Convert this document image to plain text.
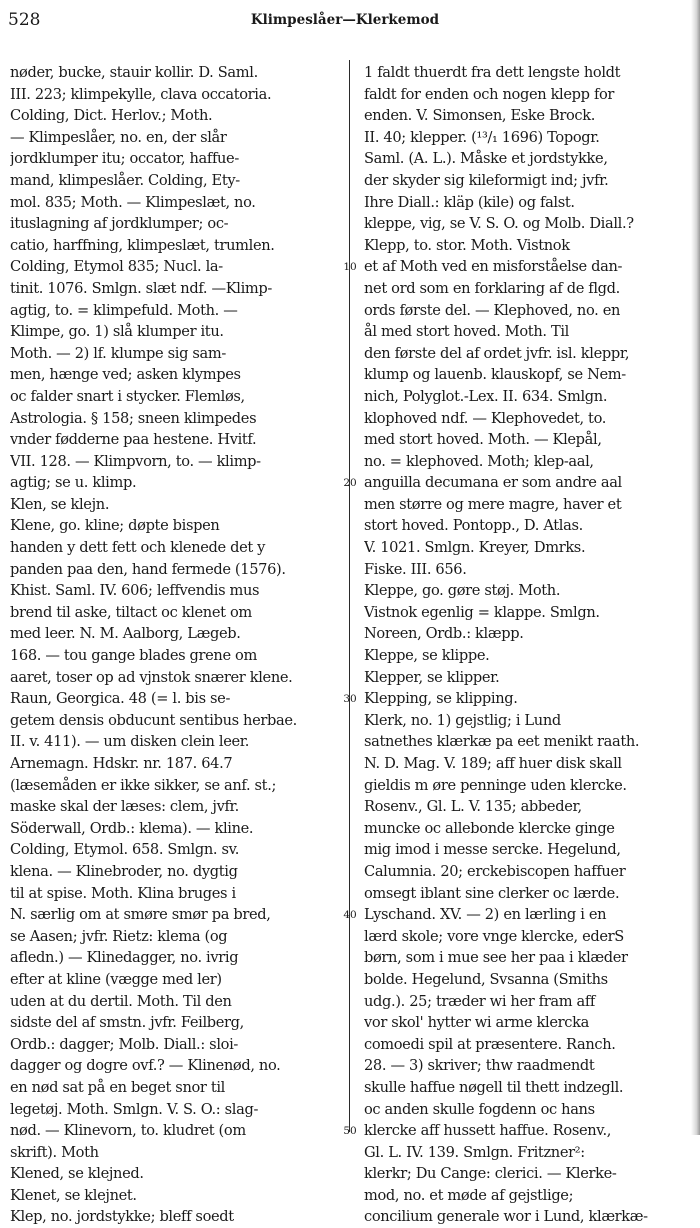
528	Klimpeslåer—Klerkemod
nøder, bucke, stauir kollir. D. Saml.
III. 223; klimpekylle, clava occatoria.
Colding, Dict. Herlov.; Moth.
— Klimpeslåer, no. en, der slår
jordklumper itu; occator, haffue-
mand, klimpeslåer. Colding, Ety-
mol. 835; Moth. — Klimpeslæt, no.
ituslagning af jordklumper; oc-
catio, harffning, klimpeslæt, trumlen.
Colding, Etymol 835; Nucl. la-
tinit. 1076. Smlgn. slæt ndf. —Klimp-
agtig, to. = klimpefuld. Moth. —
Klimpe, go. 1) slå klumper itu.
Moth. — 2) lf. klumpe sig sam-
men, hænge ved; asken klympes
oc falder snart i stycker. Flemløs,
Astrologia. § 158; sneen klimpedes
vnder fødderne paa hestene. Hvitf.
VII. 128. — Klimpvorn, to. — klimp-
agtig; se u. klimp.
Klen, se klejn.
Klene, go. kline; døpte bispen
handen y dett fett och klenede det y
panden paa den, hand fermede (1576).
Khist. Saml. IV. 606; leffvendis mus
brend til aske, tiltact oc klenet om
med leer. N. M. Aalborg, Lægeb.
168. — tou gange blades grene om
aaret, toser op ad vjnstok snærer klene.
Raun, Georgica. 48 (= l. bis se-
getem densis obducunt sentibus herbae.
II. v. 411). — um disken clein leer.
Arnemagn. Hdskr. nr. 187. 64.7
(læsemåden er ikke sikker, se anf. st.;
maske skal der læses: clem, jvfr.
Söderwall, Ordb.: klema). — kline.
Colding, Etymol. 658. Smlgn. sv.
klena. — Klinebroder, no. dygtig
til at spise. Moth. Klina bruges i
N. særlig om at smøre smør pa bred,
se Aasen; jvfr. Rietz: klema (og
afledn.) — Klinedagger, no. ivrig
efter at kline (vægge med ler)
uden at du dertil. Moth. Til den
sidste del af smstn. jvfr. Feilberg,
Ordb.: dagger; Molb. Diall.: sloi-
dagger og dogre ovf.? — Klinenød, no.
en nød sat på en beget snor til
legetøj. Moth. Smlgn. V. S. O.: slag-
nød. — Klinevorn, to. kludret (om
skrift). Moth
Klened, se klejned.
Klenet, se klejnet.
Klep, no. jordstykke; bleff soedt
10
20
30
40
50
1 faldt thuerdt fra dett lengste holdt
faldt for enden och nogen klepp for
enden. V. Simonsen, Eske Brock.
II. 40; klepper. (¹³/₁ 1696) Topogr.
Saml. (A. L.). Måske et jordstykke,
der skyder sig kileformigt ind; jvfr.
Ihre Diall.: kläp (kile) og falst.
kleppe, vig, se V. S. O. og Molb. Diall.?
Klepp, to. stor. Moth. Vistnok
et af Moth ved en misforståelse dan-
net ord som en forklaring af de flgd.
ords første del. — Klephoved, no. en
ål med stort hoved. Moth. Til
den første del af ordet jvfr. isl. kleppr,
klump og lauenb. klauskopf, se Nem-
nich, Polyglot.-Lex. II. 634. Smlgn.
klophoved ndf. — Klephovedet, to.
med stort hoved. Moth. — Klepål,
no. = klephoved. Moth; klep-aal,
anguilla decumana er som andre aal
men større og mere magre, haver et
stort hoved. Pontopp., D. Atlas.
V. 1021. Smlgn. Kreyer, Dmrks.
Fiske. III. 656.
Kleppe, go. gøre støj. Moth.
Vistnok egenlig = klappe. Smlgn.
Noreen, Ordb.: klæpp.
Kleppe, se klippe.
Klepper, se klipper.
Klepping, se klipping.
Klerk, no. 1) gejstlig; i Lund
satnethes klærkæ pa eet menikt raath.
N. D. Mag. V. 189; aff huer disk skall
gieldis m øre penninge uden klercke.
Rosenv., Gl. L. V. 135; abbeder,
muncke oc allebonde klercke ginge
mig imod i messe sercke. Hegelund,
Calumnia. 20; erckebiscopen haffuer
omsegt iblant sine clerker oc lærde.
Lyschand. XV. — 2) en lærling i en
lærd skole; vore vnge klercke, ederS
børn, som i mue see her paa i klæder
bolde. Hegelund, Svsanna (Smiths
udg.). 25; træder wi her fram aff
vor skol' hytter wi arme klercka
comoedi spil at præsentere. Ranch.
28. — 3) skriver; thw raadmendt
skulle haffue nøgell til thett indzegll.
oc anden skulle fogdenn oc hans
klercke aff hussett haffue. Rosenv.,
Gl. L. IV. 139. Smlgn. Fritzner²:
klerkr; Du Cange: clerici. — Klerke-
mod, no. et møde af gejstlige;
concilium generale wor i Lund, klærkæ-
